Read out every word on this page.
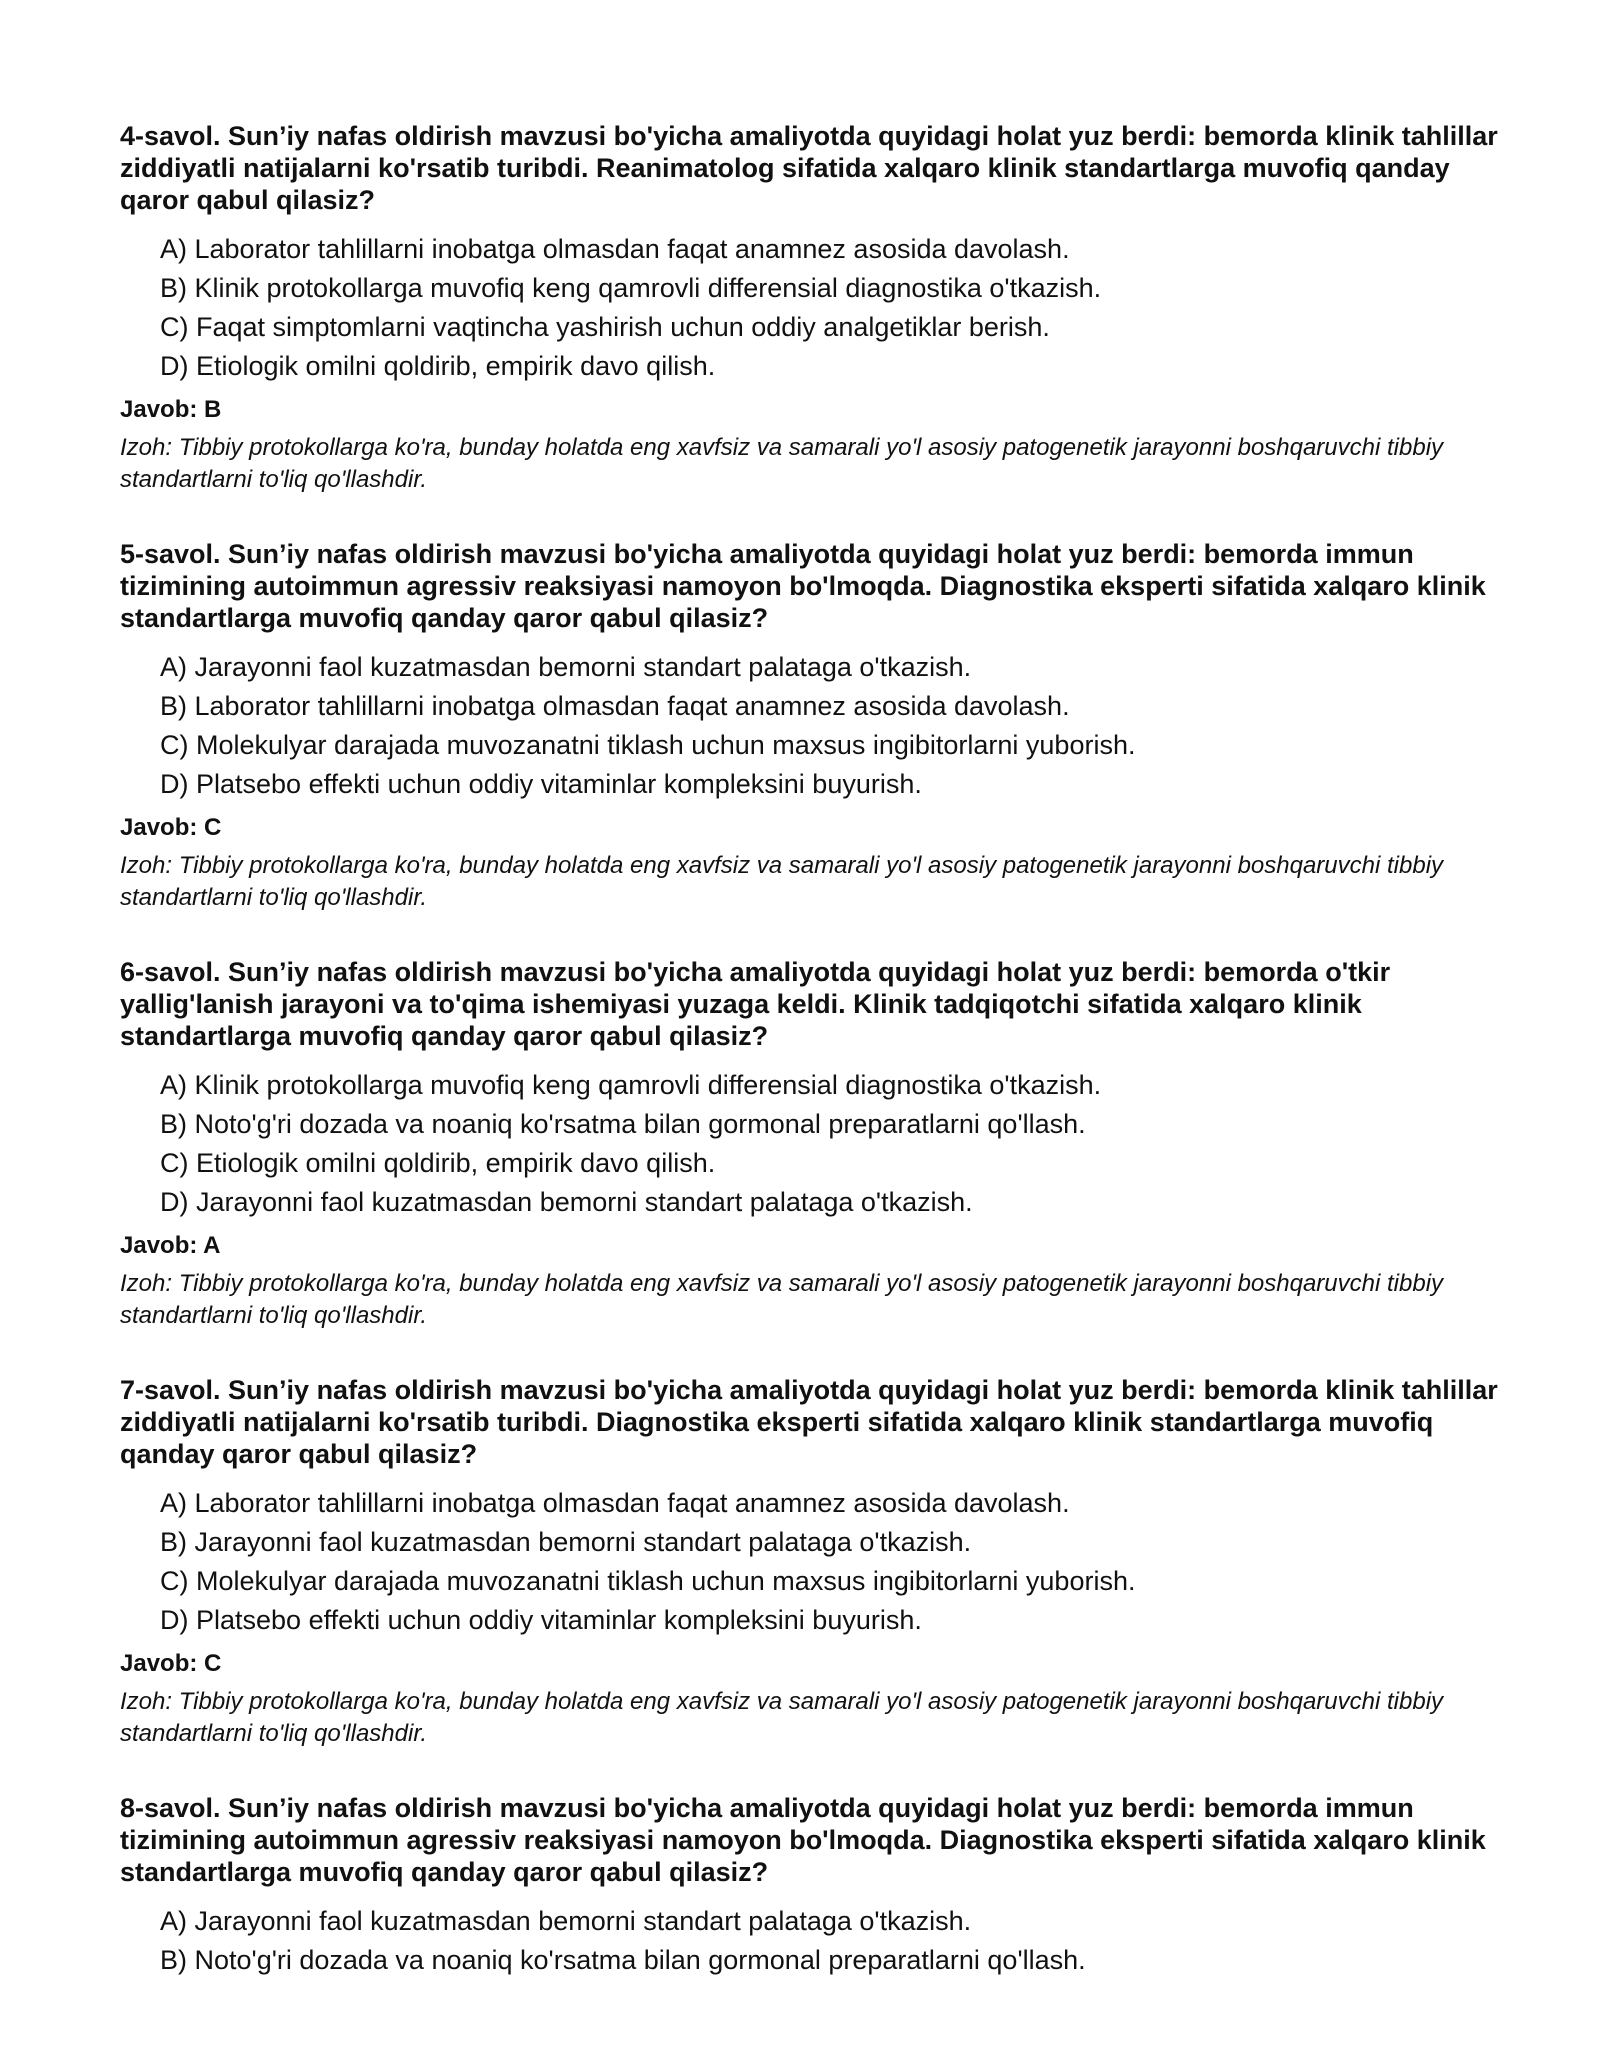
4-savol. Sun’iy nafas oldirish mavzusi bo'yicha amaliyotda quyidagi holat yuz berdi: bemorda klinik tahlillar ziddiyatli natijalarni ko'rsatib turibdi. Reanimatolog sifatida xalqaro klinik standartlarga muvofiq qanday qaror qabul qilasiz?

A) Laborator tahlillarni inobatga olmasdan faqat anamnez asosida davolash.
B) Klinik protokollarga muvofiq keng qamrovli differensial diagnostika o'tkazish.
C) Faqat simptomlarni vaqtincha yashirish uchun oddiy analgetiklar berish.
D) Etiologik omilni qoldirib, empirik davo qilish.

Javob: B

Izoh: Tibbiy protokollarga ko'ra, bunday holatda eng xavfsiz va samarali yo'l asosiy patogenetik jarayonni boshqaruvchi tibbiy standartlarni to'liq qo'llashdir.

5-savol. Sun’iy nafas oldirish mavzusi bo'yicha amaliyotda quyidagi holat yuz berdi: bemorda immun tizimining autoimmun agressiv reaksiyasi namoyon bo'lmoqda. Diagnostika eksperti sifatida xalqaro klinik standartlarga muvofiq qanday qaror qabul qilasiz?

A) Jarayonni faol kuzatmasdan bemorni standart palataga o'tkazish.
B) Laborator tahlillarni inobatga olmasdan faqat anamnez asosida davolash.
C) Molekulyar darajada muvozanatni tiklash uchun maxsus ingibitorlarni yuborish.
D) Platsebo effekti uchun oddiy vitaminlar kompleksini buyurish.

Javob: C

Izoh: Tibbiy protokollarga ko'ra, bunday holatda eng xavfsiz va samarali yo'l asosiy patogenetik jarayonni boshqaruvchi tibbiy standartlarni to'liq qo'llashdir.

6-savol. Sun’iy nafas oldirish mavzusi bo'yicha amaliyotda quyidagi holat yuz berdi: bemorda o'tkir yallig'lanish jarayoni va to'qima ishemiyasi yuzaga keldi. Klinik tadqiqotchi sifatida xalqaro klinik standartlarga muvofiq qanday qaror qabul qilasiz?

A) Klinik protokollarga muvofiq keng qamrovli differensial diagnostika o'tkazish.
B) Noto'g'ri dozada va noaniq ko'rsatma bilan gormonal preparatlarni qo'llash.
C) Etiologik omilni qoldirib, empirik davo qilish.
D) Jarayonni faol kuzatmasdan bemorni standart palataga o'tkazish.

Javob: A

Izoh: Tibbiy protokollarga ko'ra, bunday holatda eng xavfsiz va samarali yo'l asosiy patogenetik jarayonni boshqaruvchi tibbiy standartlarni to'liq qo'llashdir.

7-savol. Sun’iy nafas oldirish mavzusi bo'yicha amaliyotda quyidagi holat yuz berdi: bemorda klinik tahlillar ziddiyatli natijalarni ko'rsatib turibdi. Diagnostika eksperti sifatida xalqaro klinik standartlarga muvofiq qanday qaror qabul qilasiz?

A) Laborator tahlillarni inobatga olmasdan faqat anamnez asosida davolash.
B) Jarayonni faol kuzatmasdan bemorni standart palataga o'tkazish.
C) Molekulyar darajada muvozanatni tiklash uchun maxsus ingibitorlarni yuborish.
D) Platsebo effekti uchun oddiy vitaminlar kompleksini buyurish.

Javob: C

Izoh: Tibbiy protokollarga ko'ra, bunday holatda eng xavfsiz va samarali yo'l asosiy patogenetik jarayonni boshqaruvchi tibbiy standartlarni to'liq qo'llashdir.

8-savol. Sun’iy nafas oldirish mavzusi bo'yicha amaliyotda quyidagi holat yuz berdi: bemorda immun tizimining autoimmun agressiv reaksiyasi namoyon bo'lmoqda. Diagnostika eksperti sifatida xalqaro klinik standartlarga muvofiq qanday qaror qabul qilasiz?

A) Jarayonni faol kuzatmasdan bemorni standart palataga o'tkazish.
B) Noto'g'ri dozada va noaniq ko'rsatma bilan gormonal preparatlarni qo'llash.
